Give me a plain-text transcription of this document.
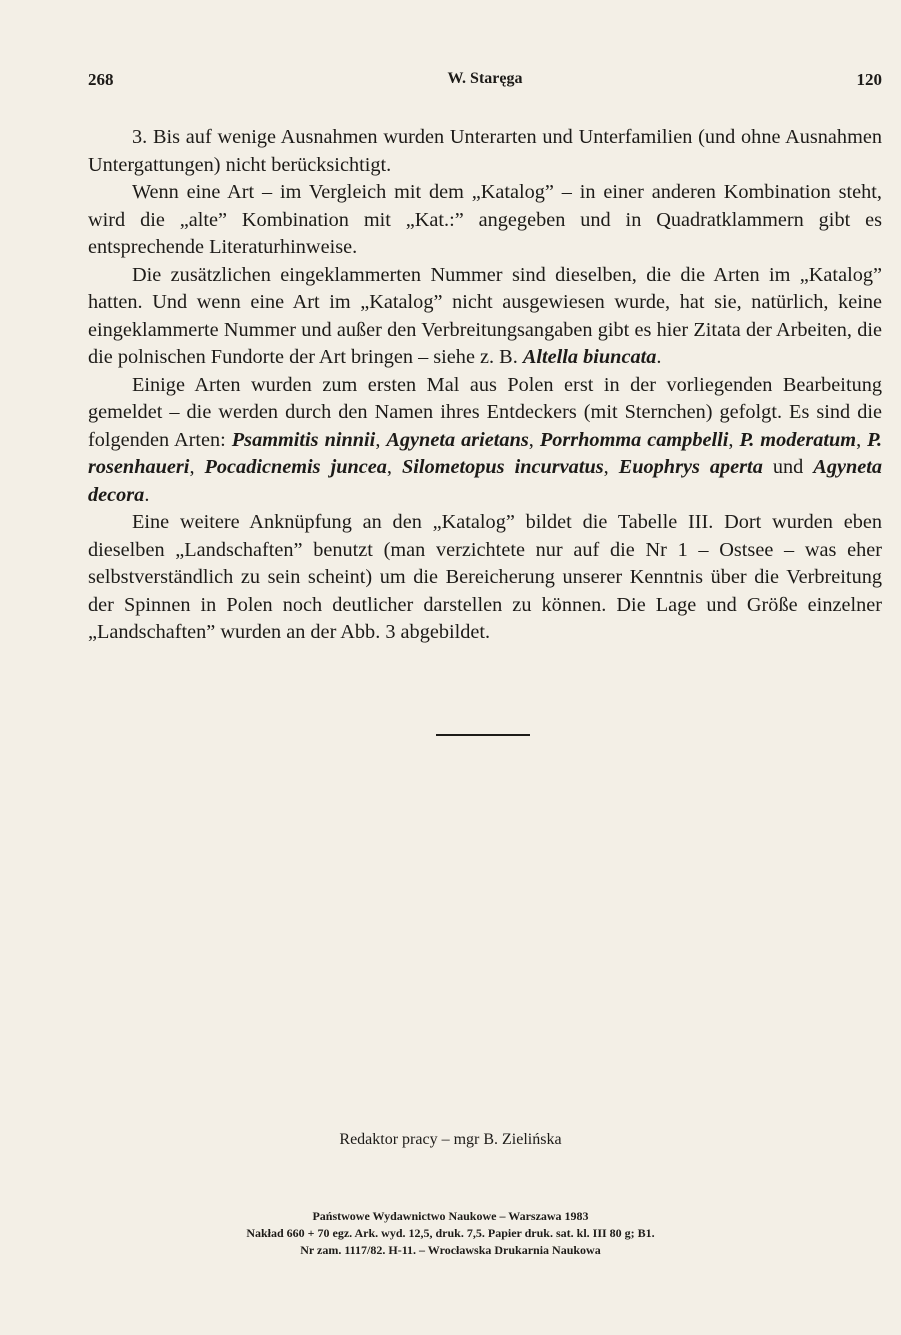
268	W. Staręga	120

3. Bis auf wenige Ausnahmen wurden Unterarten und Unterfamilien (und ohne Ausnahmen Untergattungen) nicht berücksichtigt.

Wenn eine Art – im Vergleich mit dem „Katalog” – in einer anderen Kombination steht, wird die „alte” Kombination mit „Kat.:” angegeben und in Quadratklammern gibt es entsprechende Literaturhinweise.

Die zusätzlichen eingeklammerten Nummer sind dieselben, die die Arten im „Katalog” hatten. Und wenn eine Art im „Katalog” nicht ausgewiesen wurde, hat sie, natürlich, keine eingeklammerte Nummer und außer den Verbreitungsangaben gibt es hier Zitata der Arbeiten, die die polnischen Fundorte der Art bringen – siehe z. B. Altella biuncata.

Einige Arten wurden zum ersten Mal aus Polen erst in der vorliegenden Bearbeitung gemeldet – die werden durch den Namen ihres Entdeckers (mit Sternchen) gefolgt. Es sind die folgenden Arten: Psammitis ninnii, Agyneta arietans, Porrhomma campbelli, P. moderatum, P. rosenhaueri, Pocadicnemis juncea, Silometopus incurvatus, Euophrys aperta und Agyneta decora.

Eine weitere Anknüpfung an den „Katalog” bildet die Tabelle III. Dort wurden eben dieselben „Landschaften” benutzt (man verzichtete nur auf die Nr 1 – Ostsee – was eher selbstverständlich zu sein scheint) um die Bereicherung unserer Kenntnis über die Verbreitung der Spinnen in Polen noch deutlicher darstellen zu können. Die Lage und Größe einzelner „Landschaften” wurden an der Abb. 3 abgebildet.

Redaktor pracy – mgr B. Zielińska
Państwowe Wydawnictwo Naukowe – Warszawa 1983
Nakład 660 + 70 egz. Ark. wyd. 12,5, druk. 7,5. Papier druk. sat. kl. III 80 g; B1.
Nr zam. 1117/82. H-11. – Wrocławska Drukarnia Naukowa
